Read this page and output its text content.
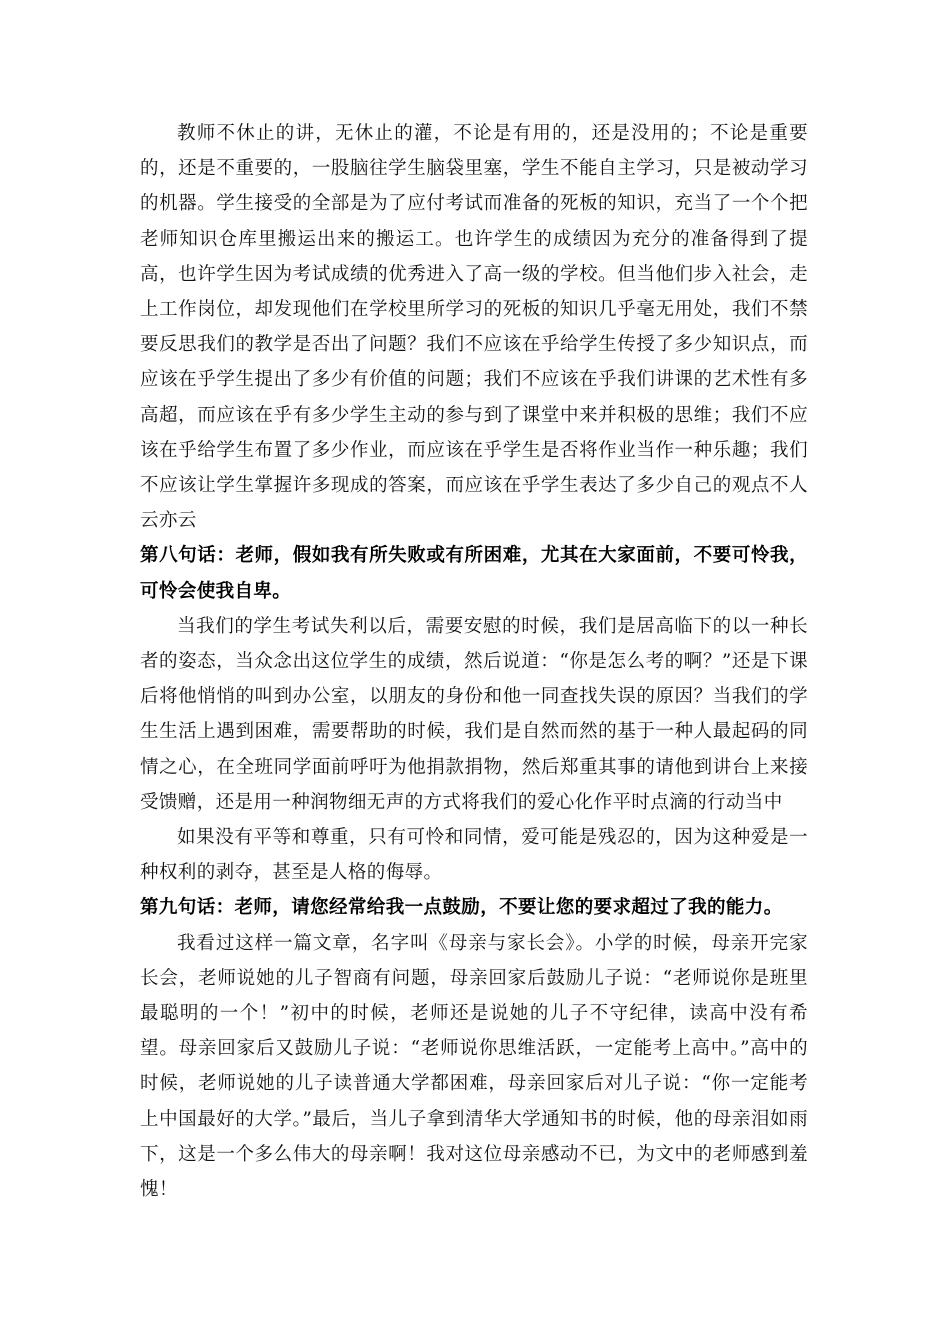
教师不休止的讲，无休止的灌，不论是有用的，还是没用的；不论是重要的，还是不重要的，一股脑往学生脑袋里塞，学生不能自主学习，只是被动学习的机器。学生接受的全部是为了应付考试而准备的死板的知识，充当了一个个把老师知识仓库里搬运出来的搬运工。也许学生的成绩因为充分的准备得到了提高，也许学生因为考试成绩的优秀进入了高一级的学校。但当他们步入社会，走上工作岗位，却发现他们在学校里所学习的死板的知识几乎毫无用处，我们不禁要反思我们的教学是否出了问题？我们不应该在乎给学生传授了多少知识点，而应该在乎学生提出了多少有价值的问题；我们不应该在乎我们讲课的艺术性有多高超，而应该在乎有多少学生主动的参与到了课堂中来并积极的思维；我们不应该在乎给学生布置了多少作业，而应该在乎学生是否将作业当作一种乐趣；我们不应该让学生掌握许多现成的答案，而应该在乎学生表达了多少自己的观点不人云亦云

第八句话：老师，假如我有所失败或有所困难，尤其在大家面前，不要可怜我，可怜会使我自卑。

当我们的学生考试失利以后，需要安慰的时候，我们是居高临下的以一种长者的姿态，当众念出这位学生的成绩，然后说道：“你是怎么考的啊？”还是下课后将他悄悄的叫到办公室，以朋友的身份和他一同查找失误的原因？当我们的学生生活上遇到困难，需要帮助的时候，我们是自然而然的基于一种人最起码的同情之心，在全班同学面前呼吁为他捐款捐物，然后郑重其事的请他到讲台上来接受馈赠，还是用一种润物细无声的方式将我们的爱心化作平时点滴的行动当中

如果没有平等和尊重，只有可怜和同情，爱可能是残忍的，因为这种爱是一种权利的剥夺，甚至是人格的侮辱。

第九句话：老师，请您经常给我一点鼓励，不要让您的要求超过了我的能力。

我看过这样一篇文章，名字叫《母亲与家长会》。小学的时候，母亲开完家长会，老师说她的儿子智商有问题，母亲回家后鼓励儿子说：“老师说你是班里最聪明的一个！”初中的时候，老师还是说她的儿子不守纪律，读高中没有希望。母亲回家后又鼓励儿子说：“老师说你思维活跃，一定能考上高中。”高中的时候，老师说她的儿子读普通大学都困难，母亲回家后对儿子说：“你一定能考上中国最好的大学。”最后，当儿子拿到清华大学通知书的时候，他的母亲泪如雨下，这是一个多么伟大的母亲啊！我对这位母亲感动不已，为文中的老师感到羞愧！
